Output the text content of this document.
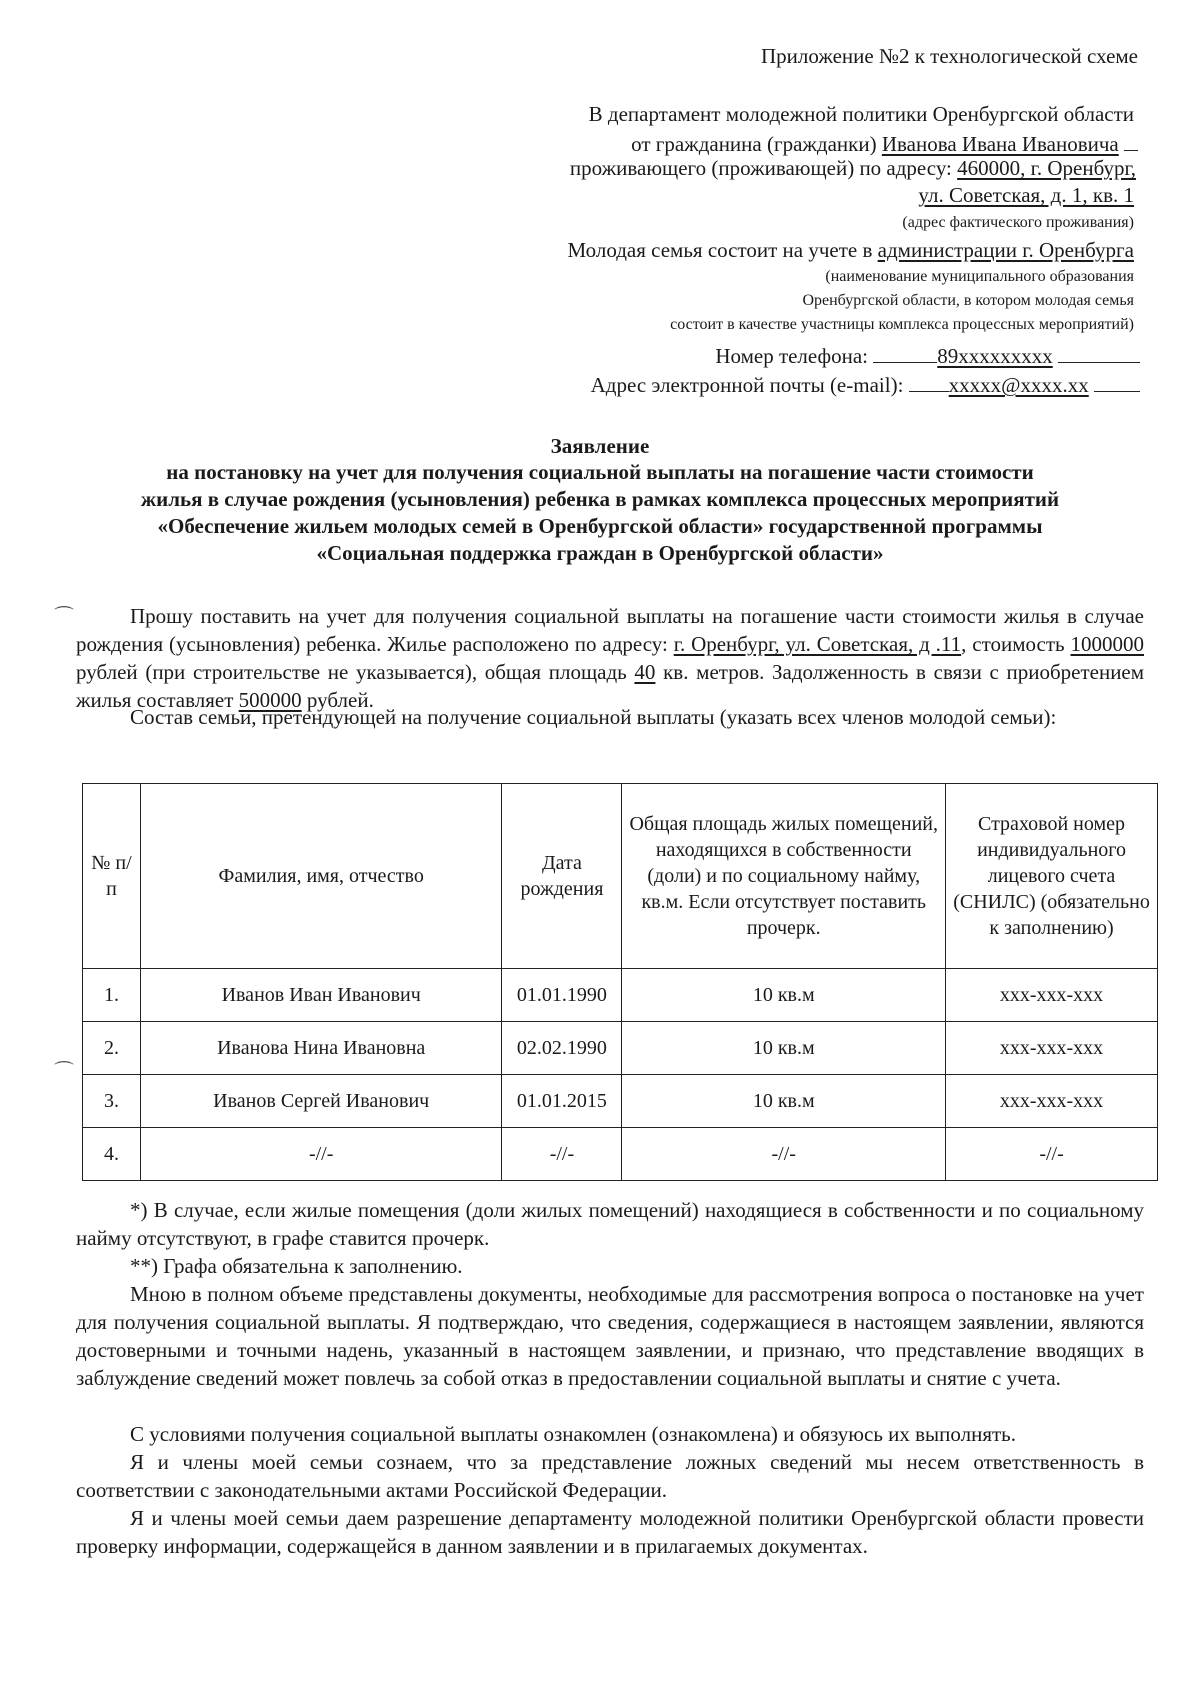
Приложение №2 к технологической схеме
В департамент молодежной политики Оренбургской области
от гражданина (гражданки) Иванова Ивана Ивановича
проживающего (проживающей) по адресу: 460000, г. Оренбург,
ул. Советская, д. 1, кв. 1
(адрес фактического проживания)
Молодая семья состоит на учете в администрации г. Оренбурга
(наименование муниципального образования
Оренбургской области, в котором молодая семья
состоит в качестве участницы комплекса процессных мероприятий)
Номер телефона:	89xxxxxxxxx
Адрес электронной почты (e-mail): xxxxx@xxxx.xx
Заявление
на постановку на учет для получения социальной выплаты на погашение части стоимости
жилья в случае рождения (усыновления) ребенка в рамках комплекса процессных мероприятий
«Обеспечение жильем молодых семей в Оренбургской области» государственной программы
«Социальная поддержка граждан в Оренбургской области»
⌒	Прошу поставить на учет для получения социальной выплаты на погашение части стоимости жилья в случае рождения (усыновления) ребенка. Жилье расположено по адресу: г. Оренбург, ул. Советская, д .11, стоимость 1000000 рублей (при строительстве не указывается), общая площадь 40 кв. метров. Задолженность в связи с приобретением жилья составляет 500000 рублей.
Состав семьи, претендующей на получение социальной выплаты (указать всех членов молодой семьи):
№ п/п	Фамилия, имя, отчество	Дата рождения	Общая площадь жилых помещений, находящихся в собственности (доли) и по социальному найму, кв.м. Если отсутствует поставить прочерк.	Страховой номер индивидуального лицевого счета (СНИЛС) (обязательно к заполнению)
1.	Иванов Иван Иванович	01.01.1990	10 кв.м	xxx-xxx-xxx
2.	Иванова Нина Ивановна	02.02.1990	10 кв.м	xxx-xxx-xxx
3.	Иванов Сергей Иванович	01.01.2015	10 кв.м	xxx-xxx-xxx
4.	-//-	-//-	-//-	-//-
⌒
*) В случае, если жилые помещения (доли жилых помещений) находящиеся в собственности и по социальному найму отсутствуют, в графе ставится прочерк.
**) Графа обязательна к заполнению.
Мною в полном объеме представлены документы, необходимые для рассмотрения вопроса о постановке на учет для получения социальной выплаты. Я подтверждаю, что сведения, содержащиеся в настоящем заявлении, являются достоверными и точными надень, указанный в настоящем заявлении, и признаю, что представление вводящих в заблуждение сведений может повлечь за собой отказ в предоставлении социальной выплаты и снятие с учета.
С условиями получения социальной выплаты ознакомлен (ознакомлена) и обязуюсь их выполнять.
Я и члены моей семьи сознаем, что за представление ложных сведений мы несем ответственность в соответствии с законодательными актами Российской Федерации.
Я и члены моей семьи даем разрешение департаменту молодежной политики Оренбургской области провести проверку информации, содержащейся в данном заявлении и в прилагаемых документах.
